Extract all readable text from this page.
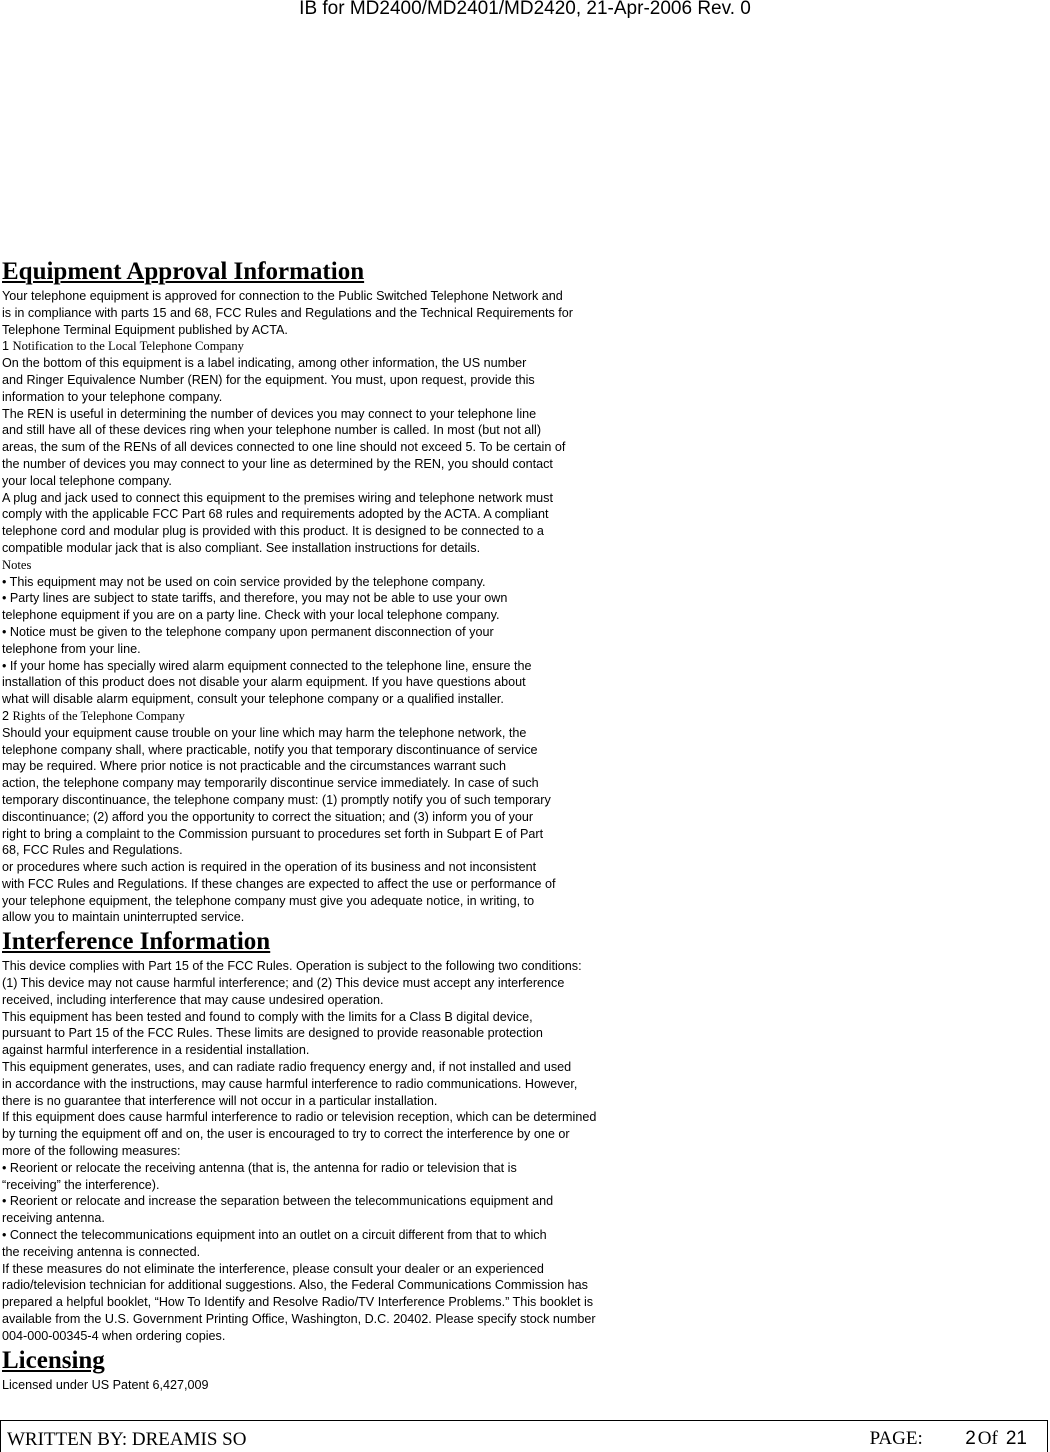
IB for MD2400/MD2401/MD2420, 21-Apr-2006 Rev. 0
Equipment Approval Information
Your telephone equipment is approved for connection to the Public Switched Telephone Network and
is in compliance with parts 15 and 68, FCC Rules and Regulations and the Technical Requirements for
Telephone Terminal Equipment published by ACTA.
1 Notification to the Local Telephone Company
On the bottom of this equipment is a label indicating, among other information, the US number
and Ringer Equivalence Number (REN) for the equipment. You must, upon request, provide this
information to your telephone company.
The REN is useful in determining the number of devices you may connect to your telephone line
and still have all of these devices ring when your telephone number is called. In most (but not all)
areas, the sum of the RENs of all devices connected to one line should not exceed 5. To be certain of
the number of devices you may connect to your line as determined by the REN, you should contact
your local telephone company.
A plug and jack used to connect this equipment to the premises wiring and telephone network must
comply with the applicable FCC Part 68 rules and requirements adopted by the ACTA. A compliant
telephone cord and modular plug is provided with this product. It is designed to be connected to a
compatible modular jack that is also compliant. See installation instructions for details.
Notes
• This equipment may not be used on coin service provided by the telephone company.
• Party lines are subject to state tariffs, and therefore, you may not be able to use your own
telephone equipment if you are on a party line. Check with your local telephone company.
• Notice must be given to the telephone company upon permanent disconnection of your
telephone from your line.
• If your home has specially wired alarm equipment connected to the telephone line, ensure the
installation of this product does not disable your alarm equipment. If you have questions about
what will disable alarm equipment, consult your telephone company or a qualified installer.
2 Rights of the Telephone Company
Should your equipment cause trouble on your line which may harm the telephone network, the
telephone company shall, where practicable, notify you that temporary discontinuance of service
may be required. Where prior notice is not practicable and the circumstances warrant such
action, the telephone company may temporarily discontinue service immediately. In case of such
temporary discontinuance, the telephone company must: (1) promptly notify you of such temporary
discontinuance; (2) afford you the opportunity to correct the situation; and (3) inform you of your
right to bring a complaint to the Commission pursuant to procedures set forth in Subpart E of Part
68, FCC Rules and Regulations.
or procedures where such action is required in the operation of its business and not inconsistent
with FCC Rules and Regulations. If these changes are expected to affect the use or performance of
your telephone equipment, the telephone company must give you adequate notice, in writing, to
allow you to maintain uninterrupted service.
Interference Information
This device complies with Part 15 of the FCC Rules. Operation is subject to the following two conditions:
(1) This device may not cause harmful interference; and (2) This device must accept any interference
received, including interference that may cause undesired operation.
This equipment has been tested and found to comply with the limits for a Class B digital device,
pursuant to Part 15 of the FCC Rules. These limits are designed to provide reasonable protection
against harmful interference in a residential installation.
This equipment generates, uses, and can radiate radio frequency energy and, if not installed and used
in accordance with the instructions, may cause harmful interference to radio communications. However,
there is no guarantee that interference will not occur in a particular installation.
If this equipment does cause harmful interference to radio or television reception, which can be determined
by turning the equipment off and on, the user is encouraged to try to correct the interference by one or
more of the following measures:
• Reorient or relocate the receiving antenna (that is, the antenna for radio or television that is
“receiving” the interference).
• Reorient or relocate and increase the separation between the telecommunications equipment and
receiving antenna.
• Connect the telecommunications equipment into an outlet on a circuit different from that to which
the receiving antenna is connected.
If these measures do not eliminate the interference, please consult your dealer or an experienced
radio/television technician for additional suggestions. Also, the Federal Communications Commission has
prepared a helpful booklet, “How To Identify and Resolve Radio/TV Interference Problems.” This booklet is
available from the U.S. Government Printing Office, Washington, D.C. 20402. Please specify stock number
004-000-00345-4 when ordering copies.
Licensing
Licensed under US Patent 6,427,009
WRITTEN BY: DREAMIS SO	PAGE: 2 Of 21
